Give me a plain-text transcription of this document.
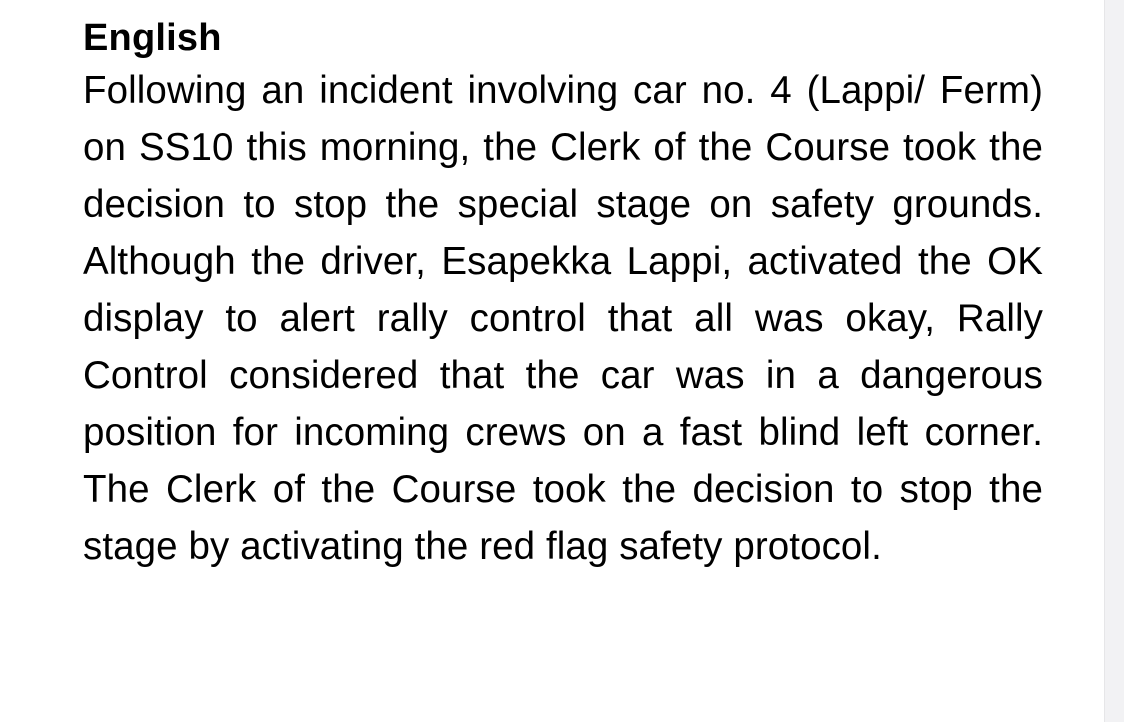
English

Following an incident involving car no. 4 (Lappi/ Ferm) on SS10 this morning, the Clerk of the Course took the decision to stop the special stage on safety grounds. Although the driver, Esapekka Lappi, activated the OK display to alert rally control that all was okay, Rally Control considered that the car was in a dangerous position for incoming crews on a fast blind left corner. The Clerk of the Course took the decision to stop the stage by activating the red flag safety protocol.
